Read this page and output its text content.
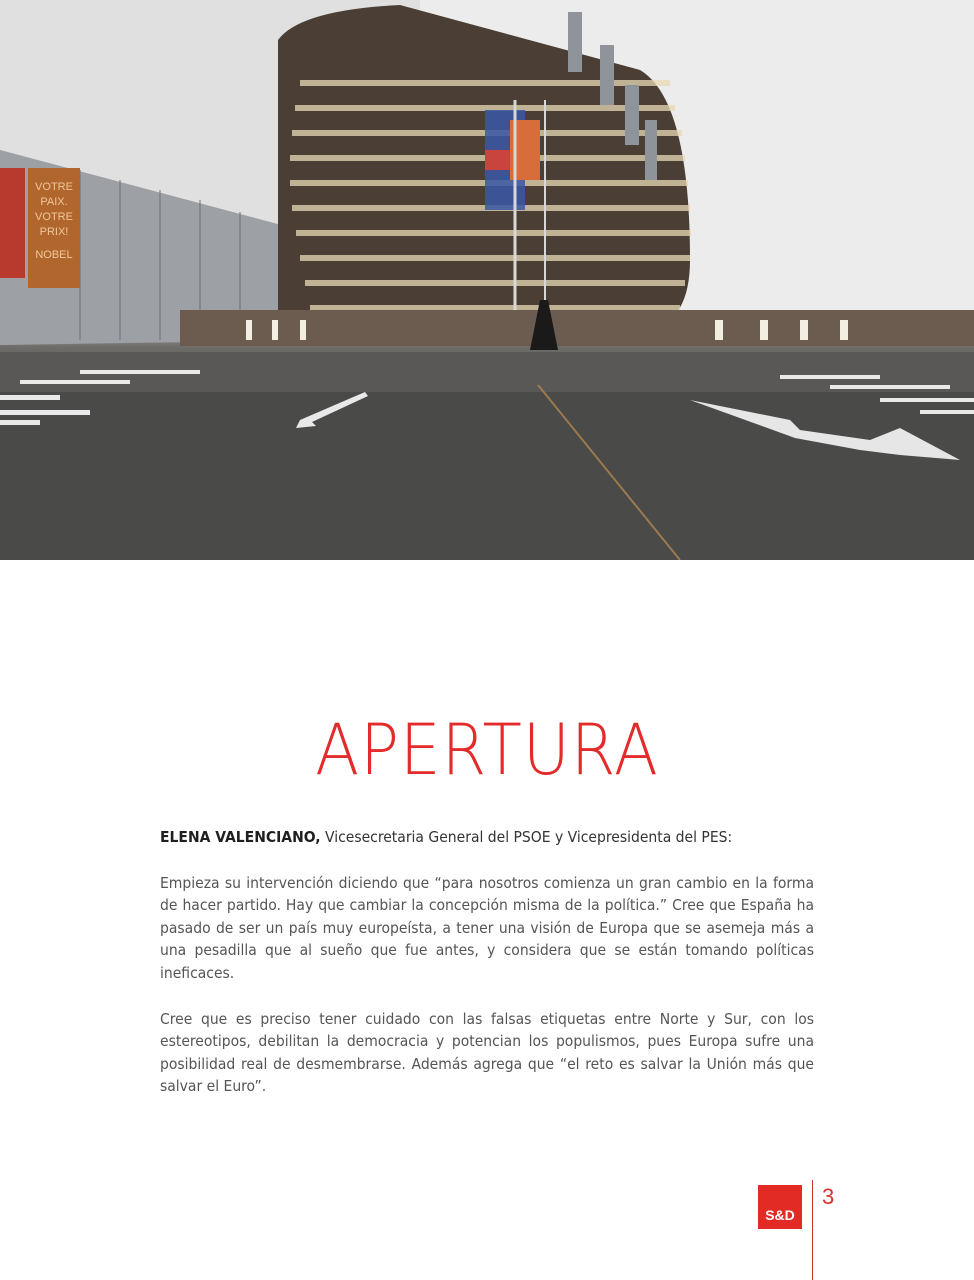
VOTRE
PAIX.
VOTRE
PRIX!
NOBEL
APERTURA

ELENA VALENCIANO, Vicesecretaria General del PSOE y Vicepresidenta del PES:

Empieza su intervención diciendo que “para nosotros comienza un gran cambio en la forma de hacer partido. Hay que cambiar la concepción misma de la política.” Cree que España ha pasado de ser un país muy europeísta, a tener una visión de Europa que se asemeja más a una pesadilla que al sueño que fue antes, y considera que se están tomando políticas ineficaces.

Cree que es preciso tener cuidado con las falsas etiquetas entre Norte y Sur, con los estereotipos, debilitan la democracia y potencian los populismos, pues Europa sufre una posibilidad real de desmembrarse. Además agrega que “el reto es salvar la Unión más que salvar el Euro”.

S&D
3
